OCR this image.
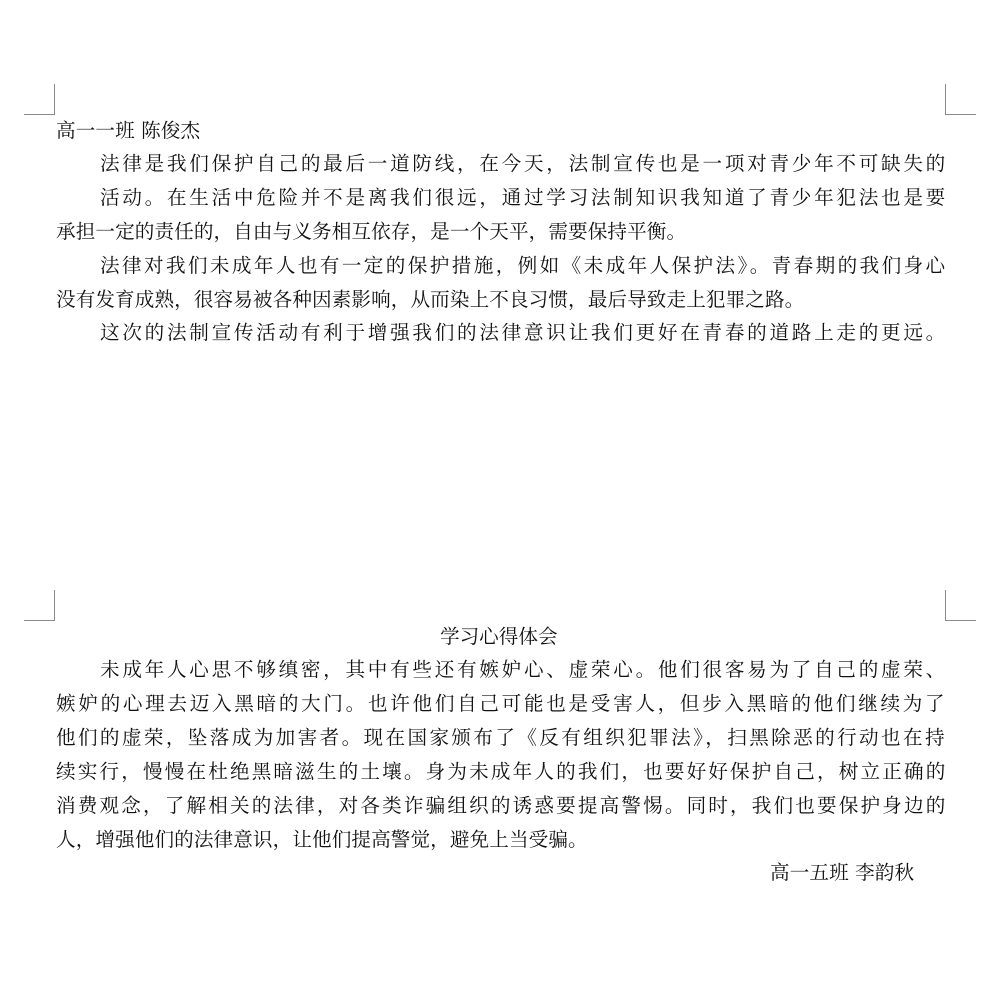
高一一班 陈俊杰
法律是我们保护自己的最后一道防线，在今天，法制宣传也是一项对青少年不可缺失的
活动。在生活中危险并不是离我们很远，通过学习法制知识我知道了青少年犯法也是要
承担一定的责任的，自由与义务相互依存，是一个天平，需要保持平衡。
法律对我们未成年人也有一定的保护措施，例如《未成年人保护法》。青春期的我们身心
没有发育成熟，很容易被各种因素影响，从而染上不良习惯，最后导致走上犯罪之路。
这次的法制宣传活动有利于增强我们的法律意识让我们更好在青春的道路上走的更远。
学习心得体会
未成年人心思不够缜密，其中有些还有嫉妒心、虚荣心。他们很客易为了自己的虚荣、
嫉妒的心理去迈入黑暗的大门。也许他们自己可能也是受害人，但步入黑暗的他们继续为了
他们的虚荣，坠落成为加害者。现在国家颁布了《反有组织犯罪法》，扫黑除恶的行动也在持
续实行，慢慢在杜绝黑暗滋生的土壤。身为未成年人的我们，也要好好保护自己，树立正确的
消费观念，了解相关的法律，对各类诈骗组织的诱惑要提高警惕。同时，我们也要保护身边的
人，增强他们的法律意识，让他们提高警觉，避免上当受骗。
高一五班 李韵秋
